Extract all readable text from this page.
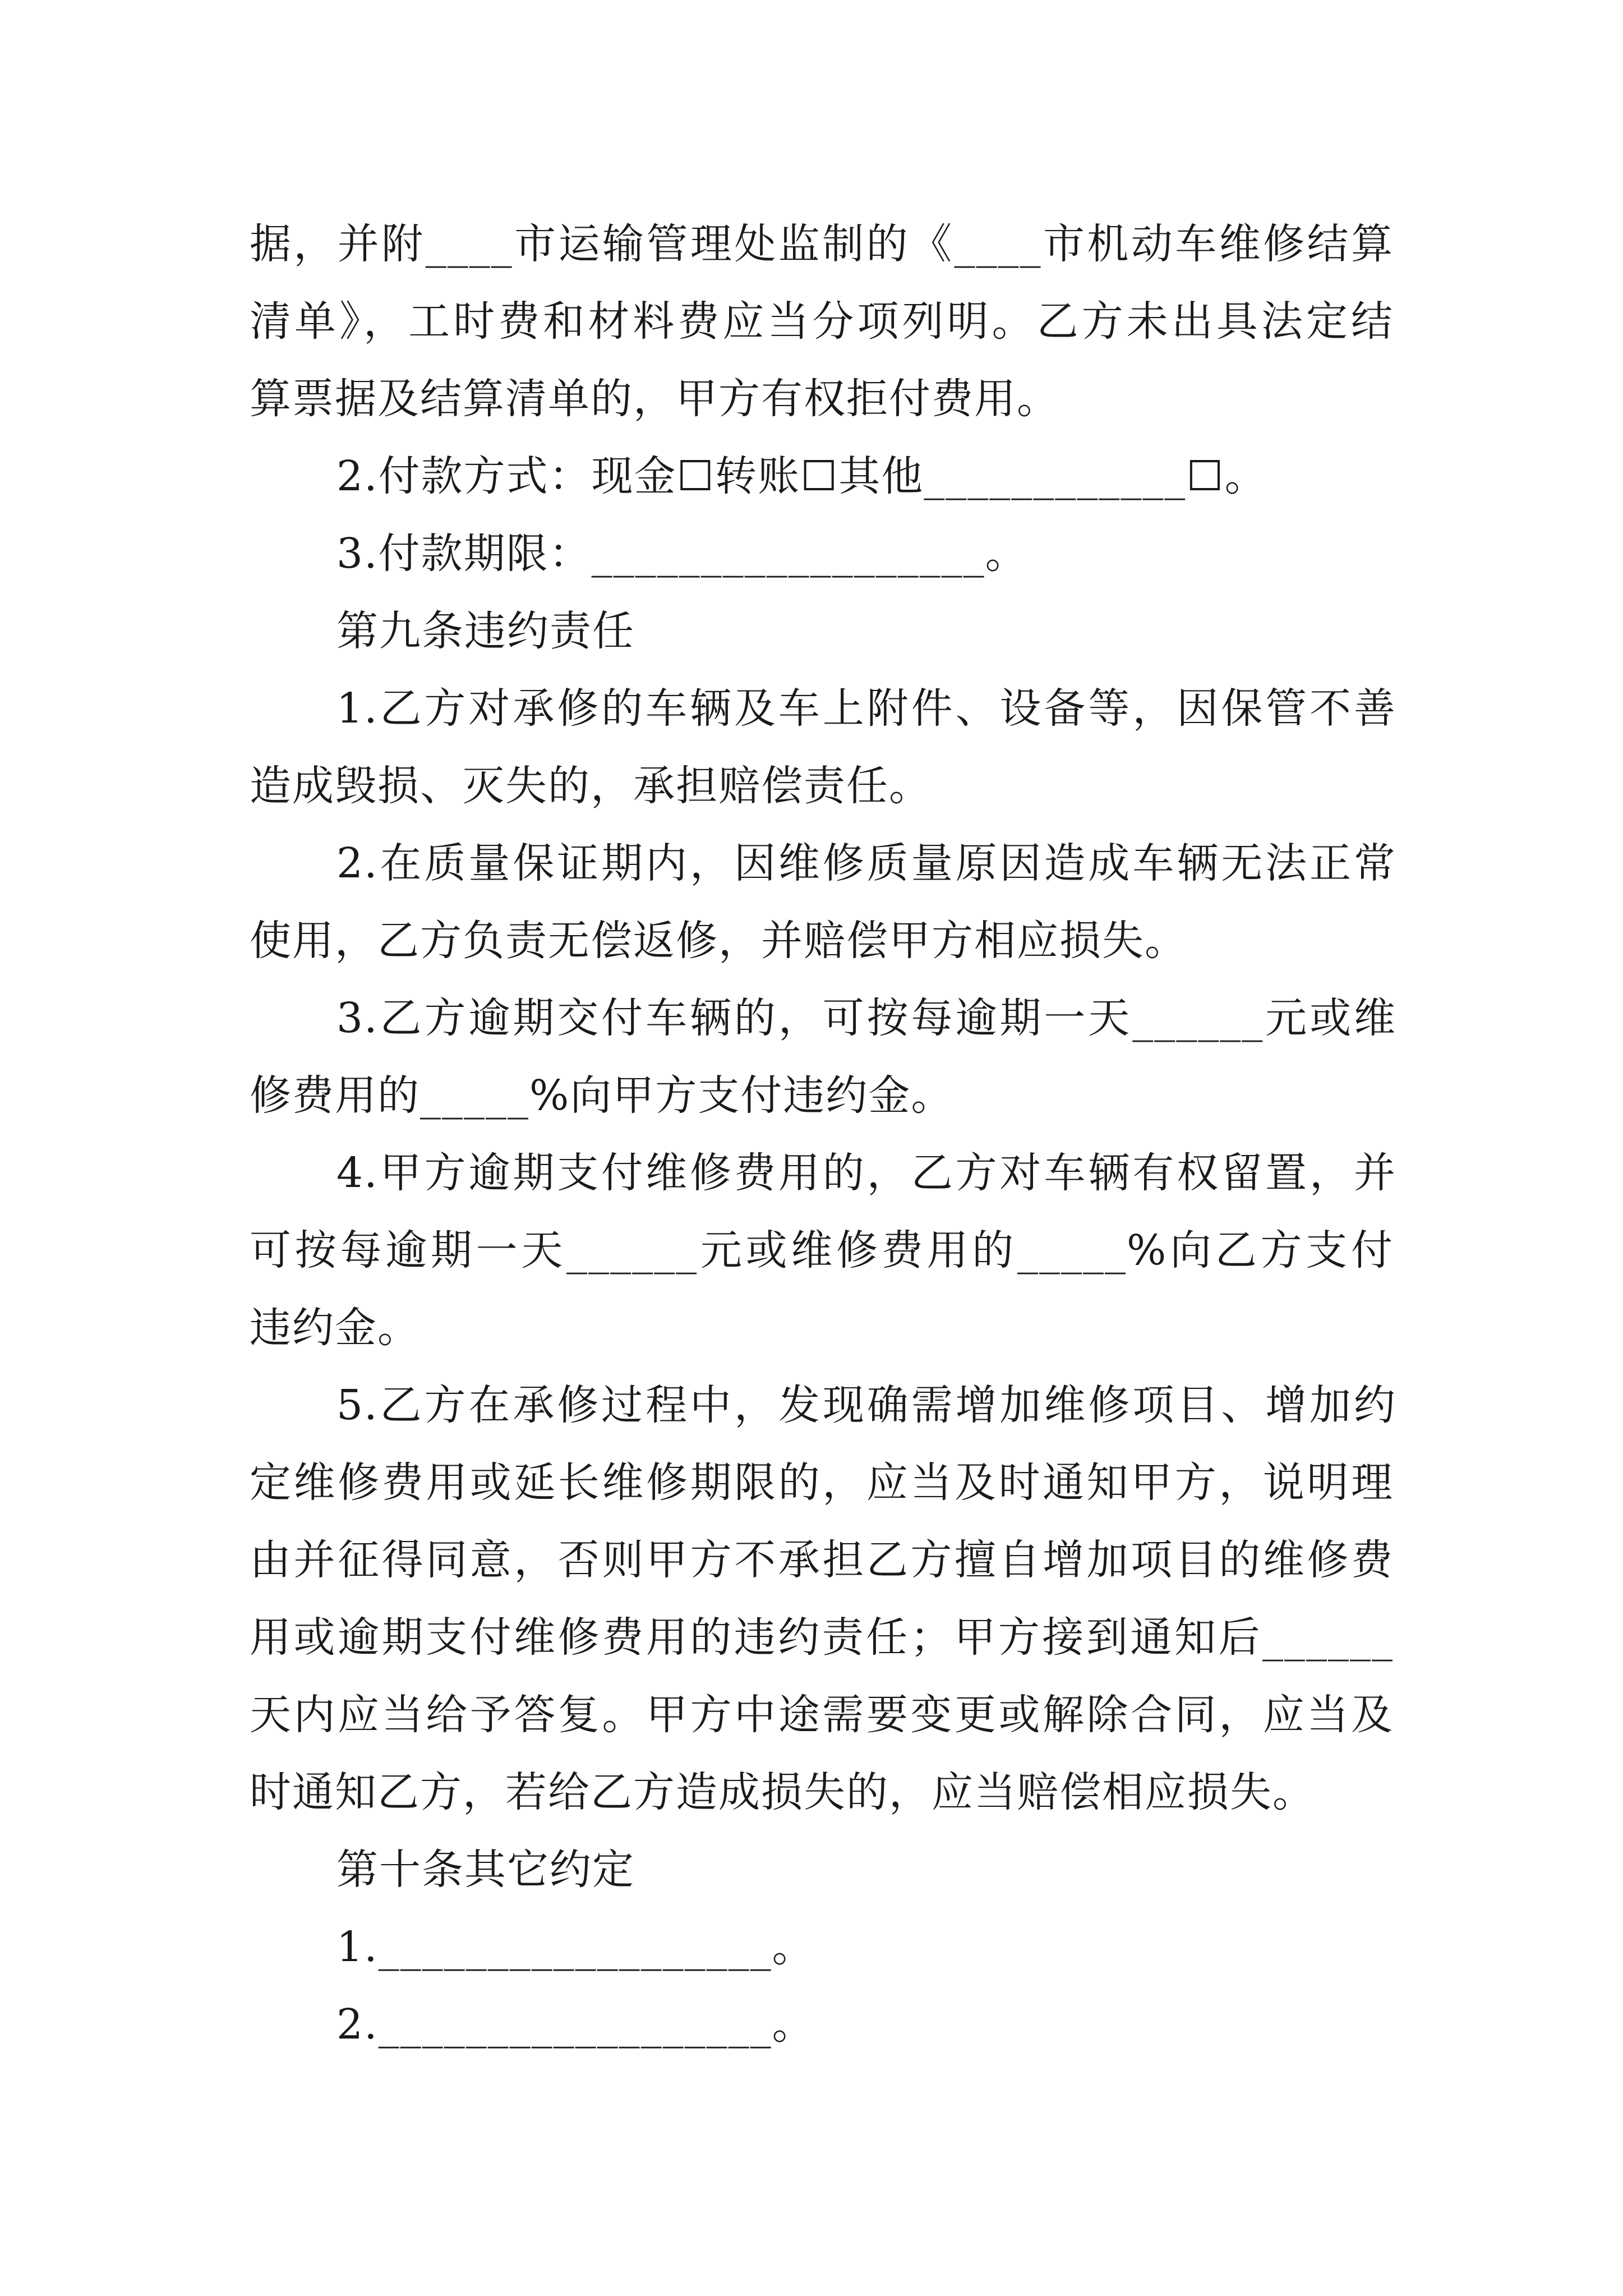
据，并附____市运输管理处监制的《____市机动车维修结算
清单》，工时费和材料费应当分项列明。乙方未出具法定结
算票据及结算清单的，甲方有权拒付费用。
2.付款方式：现金☐转账☐其他____________☐。
3.付款期限：__________________。
第九条违约责任
1.乙方对承修的车辆及车上附件、设备等，因保管不善
造成毁损、灭失的，承担赔偿责任。
2.在质量保证期内，因维修质量原因造成车辆无法正常
使用，乙方负责无偿返修，并赔偿甲方相应损失。
3.乙方逾期交付车辆的，可按每逾期一天______元或维
修费用的_____%向甲方支付违约金。
4.甲方逾期支付维修费用的，乙方对车辆有权留置，并
可按每逾期一天______元或维修费用的_____%向乙方支付
违约金。
5.乙方在承修过程中，发现确需增加维修项目、增加约
定维修费用或延长维修期限的，应当及时通知甲方，说明理
由并征得同意，否则甲方不承担乙方擅自增加项目的维修费
用或逾期支付维修费用的违约责任；甲方接到通知后______
天内应当给予答复。甲方中途需要变更或解除合同，应当及
时通知乙方，若给乙方造成损失的，应当赔偿相应损失。
第十条其它约定
1.__________________。
2.__________________。
